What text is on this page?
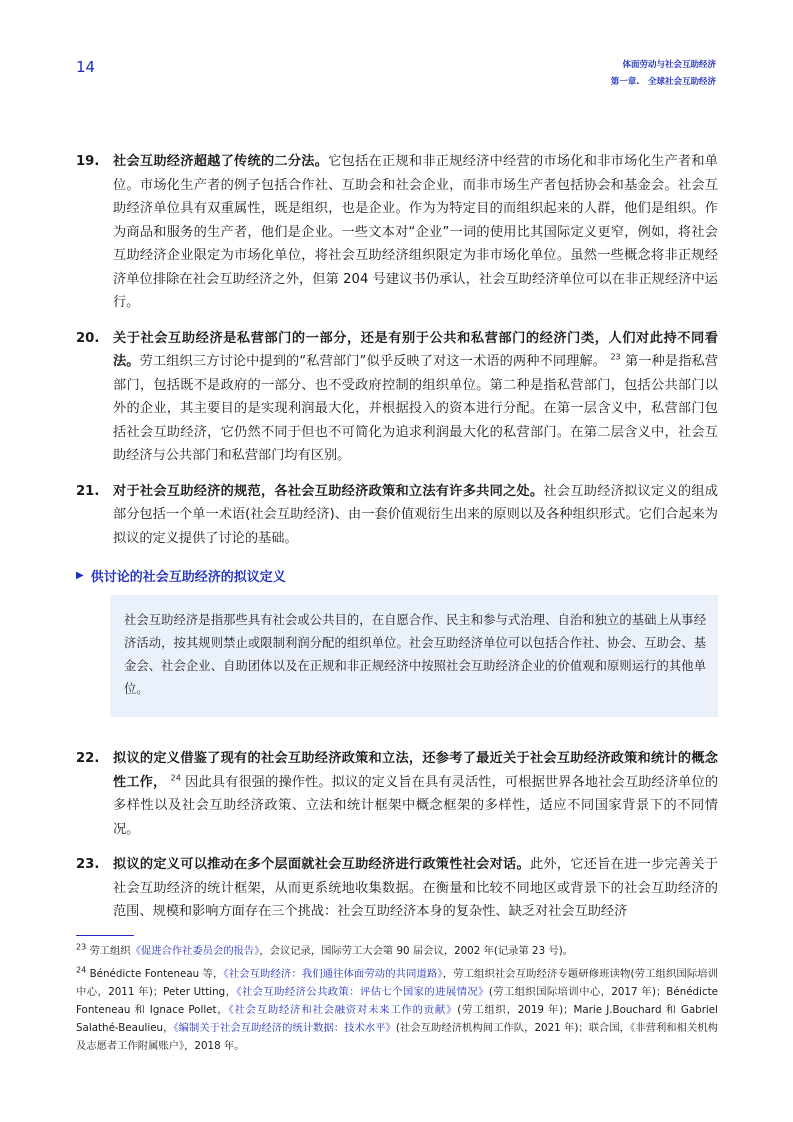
14	体面劳动与社会互助经济
第一章.　全球社会互助经济
19.	社会互助经济超越了传统的二分法。它包括在正规和非正规经济中经营的市场化和非市场化生产者和单位。市场化生产者的例子包括合作社、互助会和社会企业，而非市场生产者包括协会和基金会。社会互助经济单位具有双重属性，既是组织，也是企业。作为为特定目的而组织起来的人群，他们是组织。作为商品和服务的生产者，他们是企业。一些文本对“企业”一词的使用比其国际定义更窄，例如，将社会互助经济企业限定为市场化单位，将社会互助经济组织限定为非市场化单位。虽然一些概念将非正规经济单位排除在社会互助经济之外，但第 204 号建议书仍承认，社会互助经济单位可以在非正规经济中运行。
20.	关于社会互助经济是私营部门的一部分，还是有别于公共和私营部门的经济门类，人们对此持不同看法。劳工组织三方讨论中提到的“私营部门”似乎反映了对这一术语的两种不同理解。 $^{23}$ 第一种是指私营部门，包括既不是政府的一部分、也不受政府控制的组织单位。第二种是指私营部门，包括公共部门以外的企业，其主要目的是实现利润最大化，并根据投入的资本进行分配。在第一层含义中，私营部门包括社会互助经济，它仍然不同于但也不可简化为追求利润最大化的私营部门。在第二层含义中，社会互助经济与公共部门和私营部门均有区别。
21.	对于社会互助经济的规范，各社会互助经济政策和立法有许多共同之处。社会互助经济拟议定义的组成部分包括一个单一术语(社会互助经济)、由一套价值观衍生出来的原则以及各种组织形式。它们合起来为拟议的定义提供了讨论的基础。
▶ 供讨论的社会互助经济的拟议定义
社会互助经济是指那些具有社会或公共目的，在自愿合作、民主和参与式治理、自治和独立的基础上从事经济活动，按其规则禁止或限制利润分配的组织单位。社会互助经济单位可以包括合作社、协会、互助会、基金会、社会企业、自助团体以及在正规和非正规经济中按照社会互助经济企业的价值观和原则运行的其他单位。
22.	拟议的定义借鉴了现有的社会互助经济政策和立法，还参考了最近关于社会互助经济政策和统计的概念性工作， $^{24}$ 因此具有很强的操作性。拟议的定义旨在具有灵活性，可根据世界各地社会互助经济单位的多样性以及社会互助经济政策、立法和统计框架中概念框架的多样性，适应不同国家背景下的不同情况。
23.	拟议的定义可以推动在多个层面就社会互助经济进行政策性社会对话。此外，它还旨在进一步完善关于社会互助经济的统计框架，从而更系统地收集数据。在衡量和比较不同地区或背景下的社会互助经济的范围、规模和影响方面存在三个挑战：社会互助经济本身的复杂性、缺乏对社会互助经济
$^{23}$ 劳工组织《促进合作社委员会的报告》，会议记录，国际劳工大会第 90 届会议，2002 年(记录第 23 号)。
$^{24}$ Bénédicte Fonteneau 等，《社会互助经济：我们通往体面劳动的共同道路》，劳工组织社会互助经济专题研修班读物(劳工组织国际培训中心，2011 年)；Peter Utting，《社会互助经济公共政策：评估七个国家的进展情况》(劳工组织国际培训中心，2017 年)；Bénédicte Fonteneau 和 Ignace Pollet，《社会互助经济和社会融资对未来工作的贡献》(劳工组织，2019 年)；Marie J.Bouchard 和 Gabriel Salathé-Beaulieu，《编制关于社会互助经济的统计数据：技术水平》(社会互助经济机构间工作队，2021 年)；联合国，《非营利和相关机构及志愿者工作附属账户》，2018 年。
